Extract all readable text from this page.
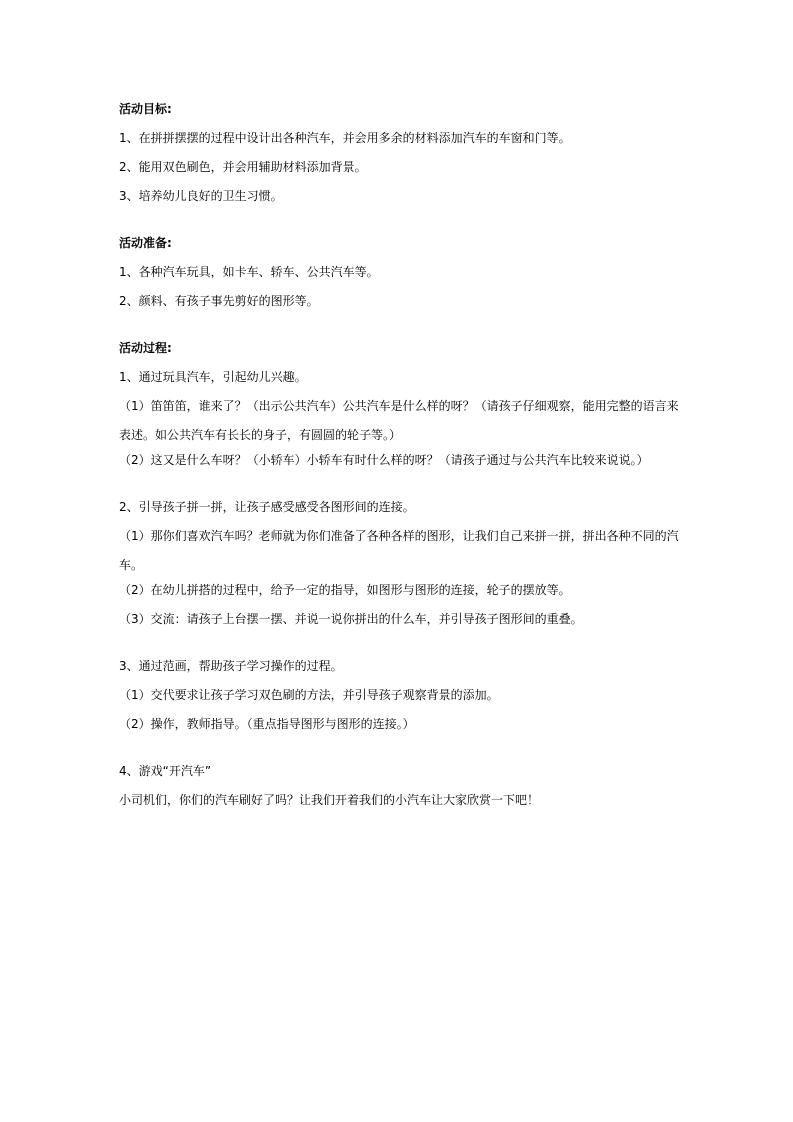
活动目标:

1、在拼拼摆摆的过程中设计出各种汽车，并会用多余的材料添加汽车的车窗和门等。

2、能用双色刷色，并会用辅助材料添加背景。

3、培养幼儿良好的卫生习惯。

活动准备:

1、各种汽车玩具，如卡车、轿车、公共汽车等。

2、颜料、有孩子事先剪好的图形等。

活动过程:

1、通过玩具汽车，引起幼儿兴趣。

（1）笛笛笛，谁来了？（出示公共汽车）公共汽车是什么样的呀？（请孩子仔细观察，能用完整的语言来表述。如公共汽车有长长的身子，有圆圆的轮子等。）

（2）这又是什么车呀？（小轿车）小轿车有时什么样的呀？（请孩子通过与公共汽车比较来说说。）

2、引导孩子拼一拼，让孩子感受感受各图形间的连接。

（1）那你们喜欢汽车吗？老师就为你们准备了各种各样的图形，让我们自己来拼一拼，拼出各种不同的汽车。

（2）在幼儿拼搭的过程中，给予一定的指导，如图形与图形的连接，轮子的摆放等。

（3）交流：请孩子上台摆一摆、并说一说你拼出的什么车，并引导孩子图形间的重叠。

3、通过范画，帮助孩子学习操作的过程。

（1）交代要求让孩子学习双色刷的方法，并引导孩子观察背景的添加。

（2）操作，教师指导。（重点指导图形与图形的连接。）

4、游戏“开汽车”

小司机们，你们的汽车刷好了吗？让我们开着我们的小汽车让大家欣赏一下吧！
